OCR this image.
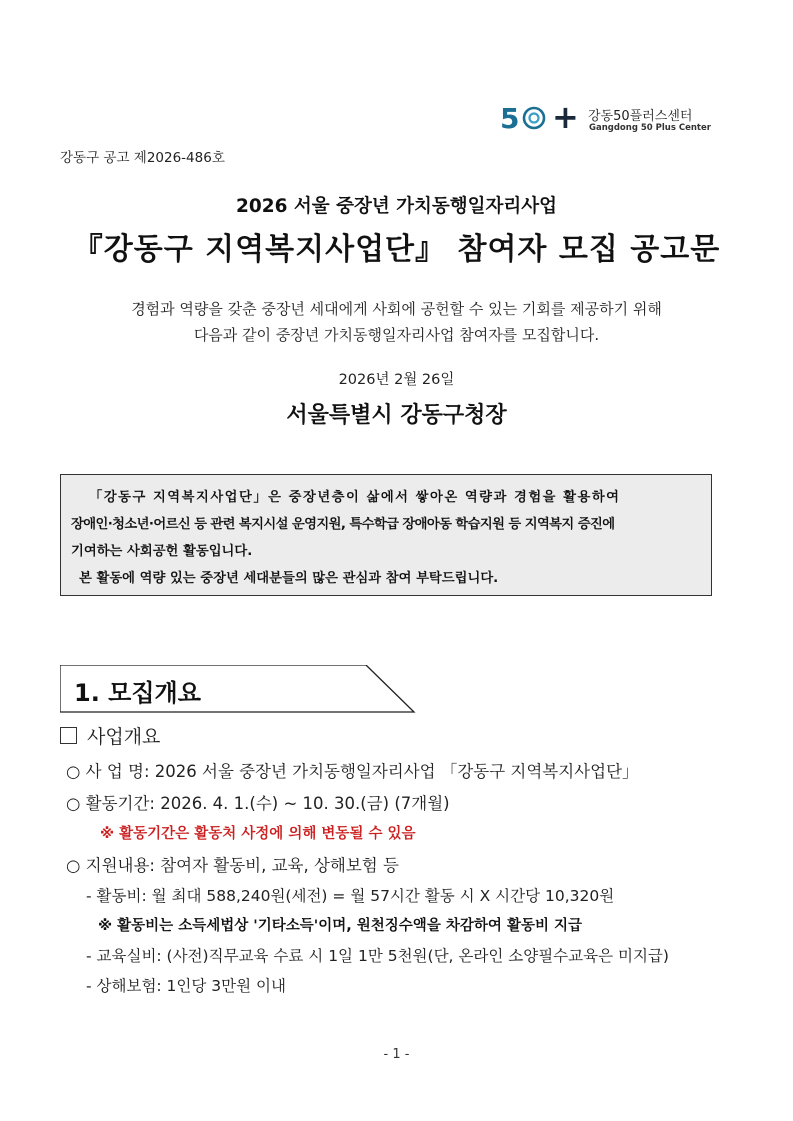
5 + 강동50플러스센터
Gangdong 50 Plus Center
강동구 공고 제2026-486호
2026 서울 중장년 가치동행일자리사업
『강동구 지역복지사업단』 참여자 모집 공고문
경험과 역량을 갖춘 중장년 세대에게 사회에 공헌할 수 있는 기회를 제공하기 위해
다음과 같이 중장년 가치동행일자리사업 참여자를 모집합니다.
2026년 2월 26일
서울특별시 강동구청장

「강동구 지역복지사업단」은 중장년층이 삶에서 쌓아온 역량과 경험을 활용하여

장애인·청소년·어르신 등 관련 복지시설 운영지원, 특수학급 장애아동 학습지원 등 지역복지 증진에

기여하는 사회공헌 활동입니다.

본 활동에 역량 있는 중장년 세대분들의 많은 관심과 참여 부탁드립니다.

1. 모집개요
사업개요
○ 사 업 명: 2026 서울 중장년 가치동행일자리사업 「강동구 지역복지사업단」
○ 활동기간: 2026. 4. 1.(수) ~ 10. 30.(금) (7개월)
※ 활동기간은 활동처 사정에 의해 변동될 수 있음
○ 지원내용: 참여자 활동비, 교육, 상해보험 등
- 활동비: 월 최대 588,240원(세전) = 월 57시간 활동 시 X 시간당 10,320원
※ 활동비는 소득세법상 '기타소득'이며, 원천징수액을 차감하여 활동비 지급
- 교육실비: (사전)직무교육 수료 시 1일 1만 5천원(단, 온라인 소양필수교육은 미지급)
- 상해보험: 1인당 3만원 이내
- 1 -
